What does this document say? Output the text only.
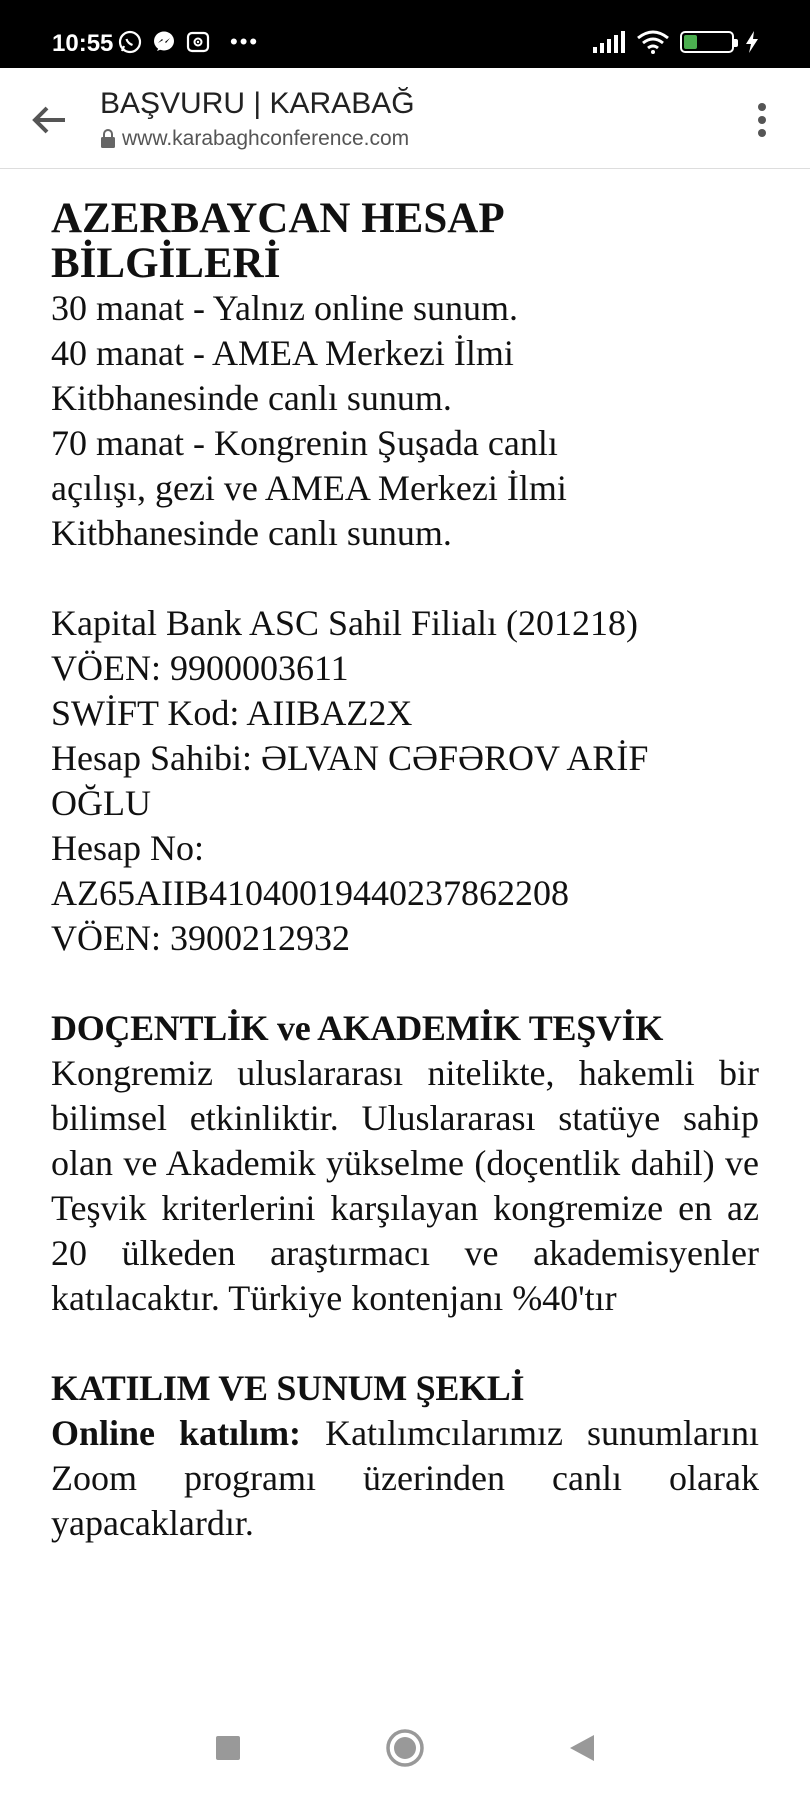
10:55	•••	29
BAŞVURU | KARABAĞ
www.karabaghconference.com
AZERBAYCAN HESAP
BİLGİLERİ
30 manat - Yalnız online sunum.
40 manat - AMEA Merkezi İlmi
Kitbhanesinde canlı sunum.
70 manat - Kongrenin Şuşada canlı
açılışı, gezi ve AMEA Merkezi İlmi
Kitbhanesinde canlı sunum.
Kapital Bank ASC Sahil Filialı (201218)
VÖEN: 9900003611
SWİFT Kod: AIIBAZ2X
Hesap Sahibi: ƏLVAN CƏFƏROV ARİF
OĞLU
Hesap No:
AZ65AIIB41040019440237862208
VÖEN: 3900212932
DOÇENTLİK ve AKADEMİK TEŞVİK
Kongremiz uluslararası nitelikte, hakemli bir bilimsel etkinliktir. Uluslararası statüye sahip olan ve Akademik yükselme (doçentlik dahil) ve Teşvik kriterlerini karşılayan kongremize en az 20 ülkeden araştırmacı ve akademisyenler katılacaktır. Türkiye kontenjanı %40'tır
KATILIM VE SUNUM ŞEKLİ
Online katılım: Katılımcılarımız sunumlarını Zoom programı üzerinden canlı olarak yapacaklardır.
